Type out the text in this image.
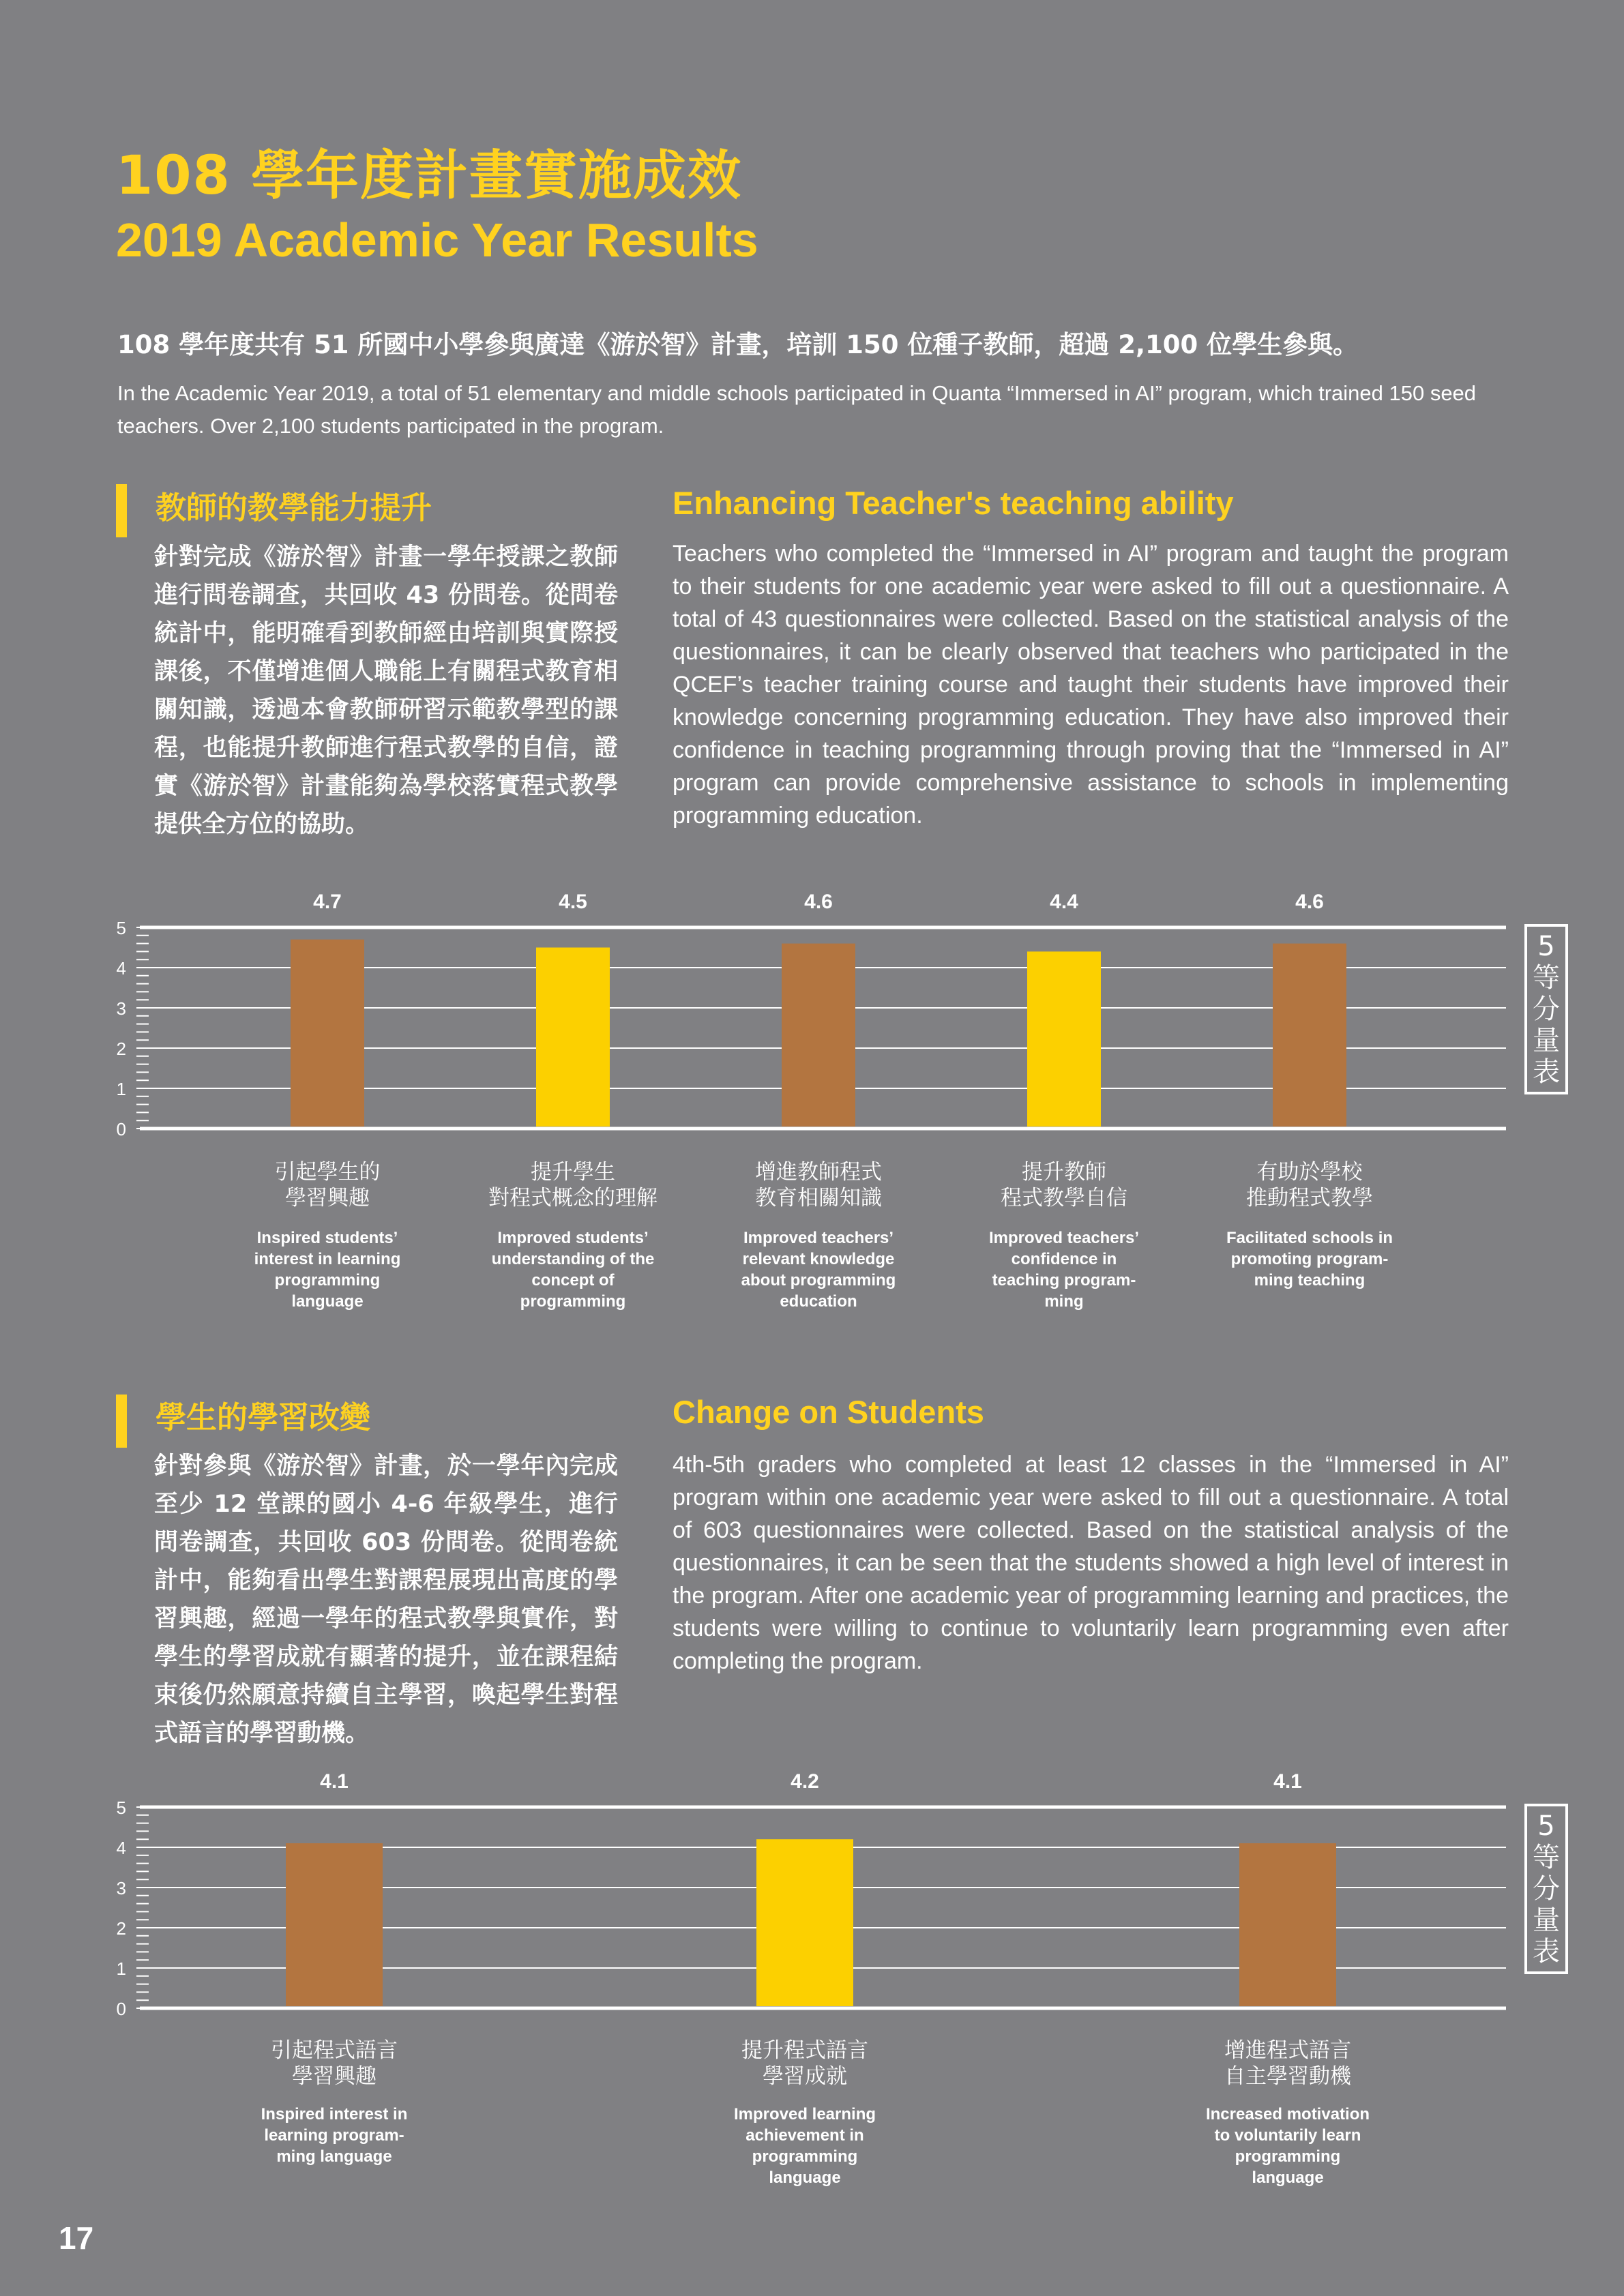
108 學年度計畫實施成效
2019 Academic Year Results
108 學年度共有 51 所國中小學參與廣達《游於智》計畫，培訓 150 位種子教師，超過 2,100 位學生參與。
In the Academic Year 2019, a total of 51 elementary and middle schools participated in Quanta “Immersed in AI” program, which trained 150 seed teachers. Over 2,100 students participated in the program.
教師的教學能力提升
針對完成《游於智》計畫一學年授課之教師進行問卷調查，共回收 43 份問卷。從問卷統計中，能明確看到教師經由培訓與實際授課後，不僅增進個人職能上有關程式教育相關知識，透過本會教師研習示範教學型的課程，也能提升教師進行程式教學的自信，證實《游於智》計畫能夠為學校落實程式教學提供全方位的協助。
Enhancing Teacher's teaching ability
Teachers who completed the “Immersed in AI” program and taught the program to their students for one academic year were asked to fill out a questionnaire. A total of 43 questionnaires were collected. Based on the statistical analysis of the questionnaires, it can be clearly observed that teachers who participated in the QCEF’s teacher training course and taught their students have improved their knowledge concerning programming education. They have also improved their confidence in teaching programming through proving that the “Immersed in AI” program can provide comprehensive assistance to schools in implementing programming education.
0
1
2
3
4
5
4.7	4.5	4.6	4.4	4.6
5
等
分
量
表
引起學生的
學習興趣
Inspired students’
interest in learning
programming
language
提升學生
對程式概念的理解
Improved students’
understanding of the
concept of
programming
增進教師程式
教育相關知識
Improved teachers’
relevant knowledge
about programming
education
提升教師
程式教學自信
Improved teachers’
confidence in
teaching program-
ming
有助於學校
推動程式教學
Facilitated schools in
promoting program-
ming teaching
學生的學習改變
針對參與《游於智》計畫，於一學年內完成至少 12 堂課的國小 4-6 年級學生，進行問卷調查，共回收 603 份問卷。從問卷統計中，能夠看出學生對課程展現出高度的學習興趣，經過一學年的程式教學與實作，對學生的學習成就有顯著的提升，並在課程結束後仍然願意持續自主學習，喚起學生對程式語言的學習動機。
Change on Students
4th-5th graders who completed at least 12 classes in the “Immersed in AI” program within one academic year were asked to fill out a questionnaire. A total of 603 questionnaires were collected. Based on the statistical analysis of the questionnaires, it can be seen that the students showed a high level of interest in the program. After one academic year of programming learning and practices, the students were willing to continue to voluntarily learn programming even after completing the program.
0
1
2
3
4
5
4.1	4.2	4.1
5
等
分
量
表
引起程式語言
學習興趣
Inspired interest in
learning program-
ming language
提升程式語言
學習成就
Improved learning
achievement in
programming
language
增進程式語言
自主學習動機
Increased motivation
to voluntarily learn
programming
language
17
